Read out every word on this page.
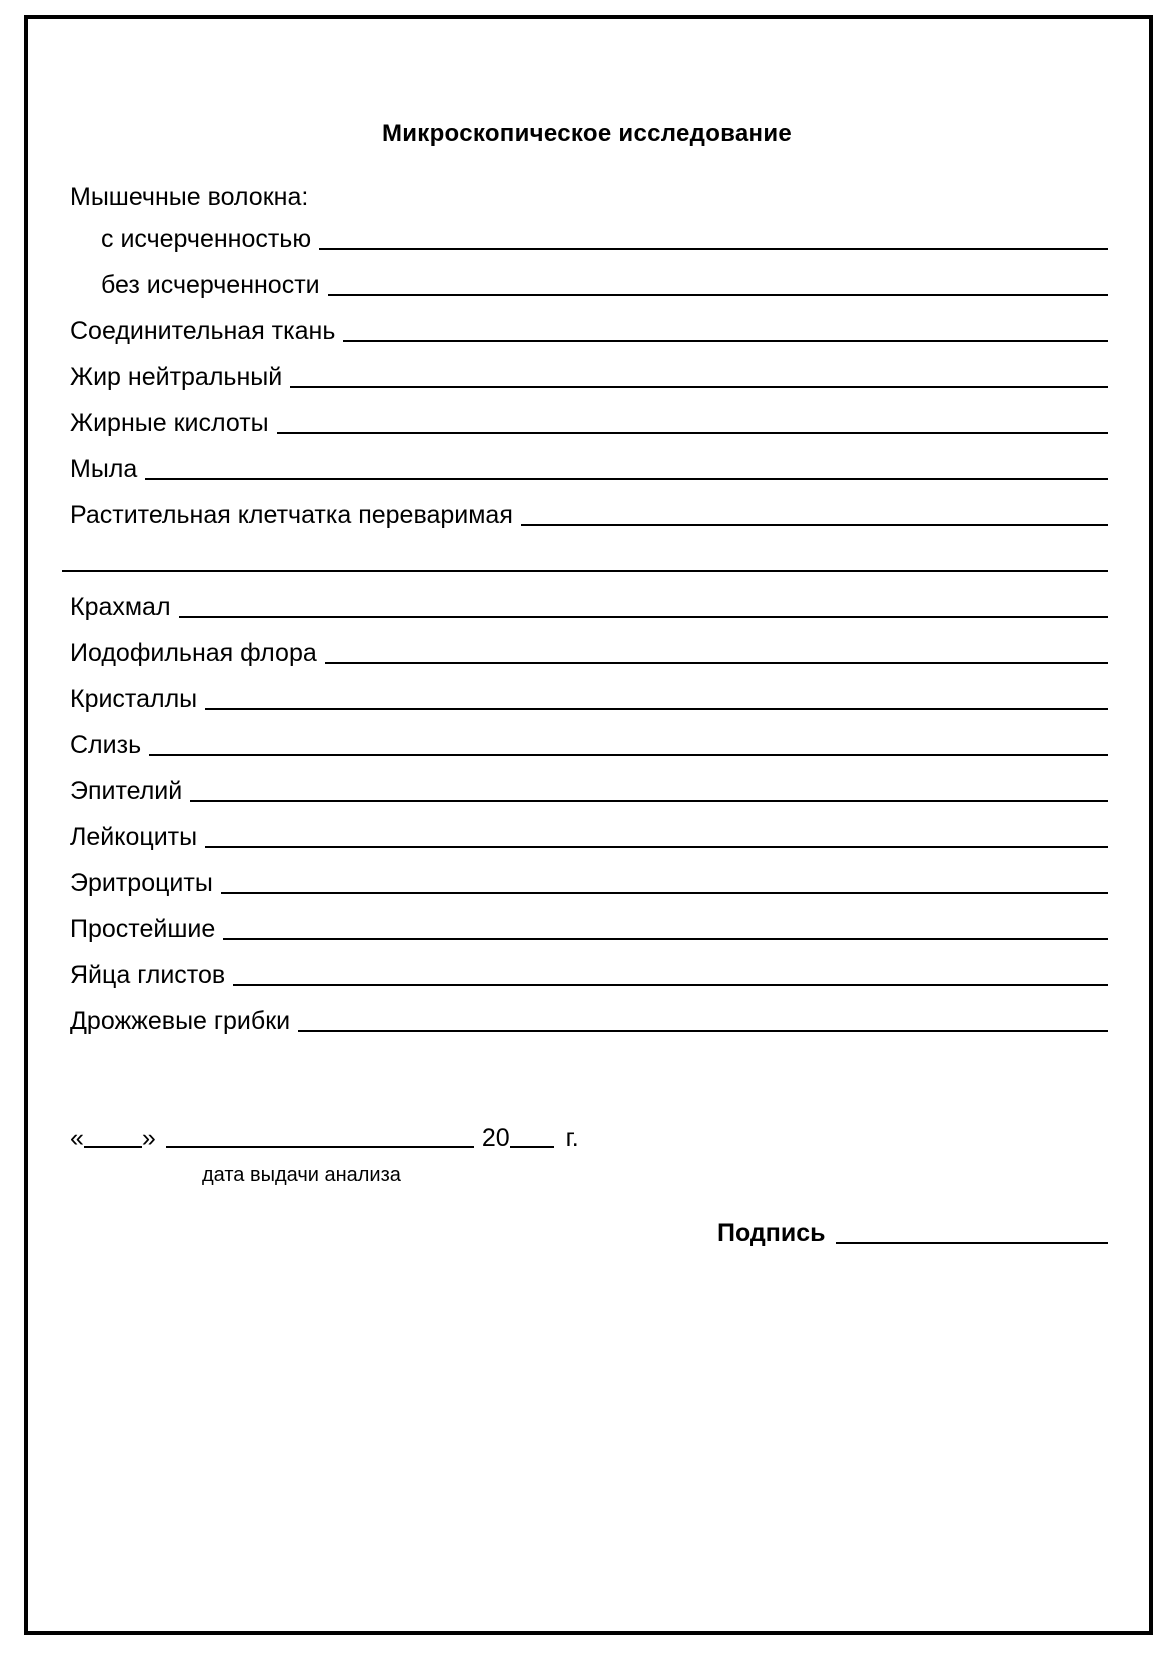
Микроскопическое исследование
Мышечные волокна:
с исчерченностью
без исчерченности
Соединительная ткань
Жир нейтральный
Жирные кислоты
Мыла
Растительная клетчатка переваримая
Крахмал
Иодофильная флора
Кристаллы
Слизь
Эпителий
Лейкоциты
Эритроциты
Простейшие
Яйца глистов
Дрожжевые грибки
« »	20 г.
дата выдачи анализа
Подпись
